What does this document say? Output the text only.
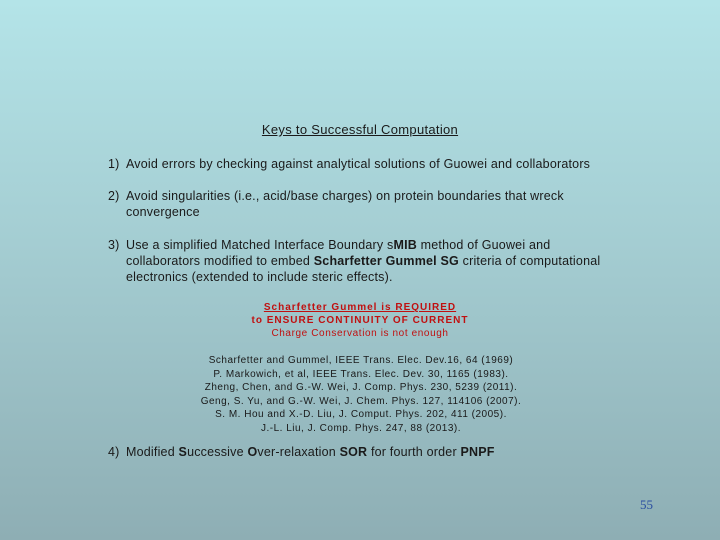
Keys to Successful Computation
1) Avoid errors by checking against analytical solutions of Guowei and collaborators
2) Avoid singularities (i.e., acid/base charges) on protein boundaries that wreck convergence
3) Use a simplified Matched Interface Boundary sMIB method of Guowei and collaborators modified to embed Scharfetter Gummel SG criteria of computational electronics (extended to include steric effects).
Scharfetter Gummel is REQUIRED
to ENSURE CONTINUITY OF CURRENT
Charge Conservation is not enough
Scharfetter and Gummel, IEEE Trans. Elec. Dev.16, 64 (1969)
P. Markowich, et al, IEEE Trans. Elec. Dev. 30, 1165 (1983).
Zheng, Chen, and G.-W. Wei, J. Comp. Phys. 230, 5239 (2011).
Geng, S. Yu, and G.-W. Wei, J. Chem. Phys. 127, 114106 (2007).
S. M. Hou and X.-D. Liu, J. Comput. Phys. 202, 411 (2005).
J.-L. Liu, J. Comp. Phys. 247, 88 (2013).
4) Modified Successive Over-relaxation SOR for fourth order PNPF
55
